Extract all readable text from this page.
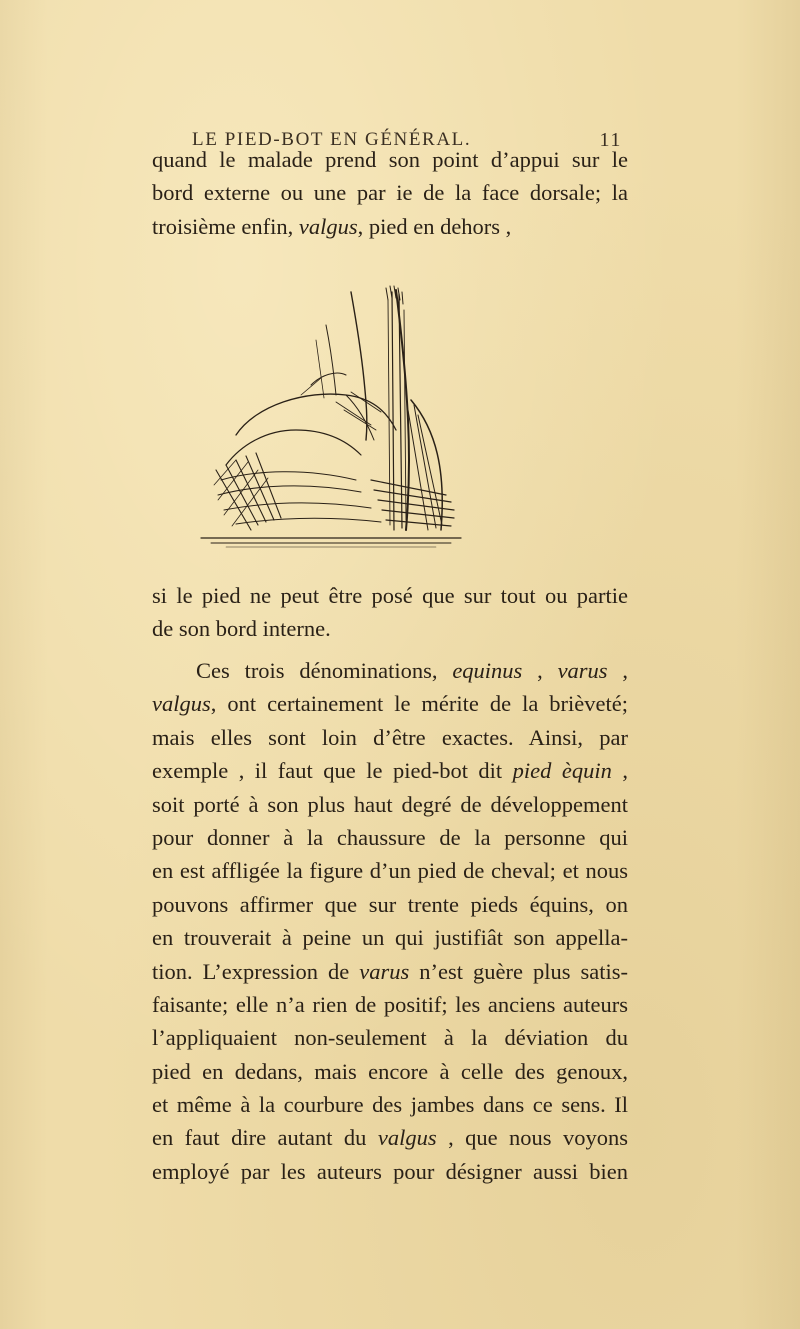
LE PIED-BOT EN GÉNÉRAL.	11
quand le malade prend son point d’appui sur le
bord externe ou une par ie de la face dorsale; la
troisième enfin, valgus, pied en dehors ,
si le pied ne peut être posé que sur tout ou partie
de son bord interne.
Ces trois dénominations, equinus , varus ,
valgus, ont certainement le mérite de la brièveté;
mais elles sont loin d’être exactes. Ainsi, par
exemple , il faut que le pied-bot dit pied èquin ,
soit porté à son plus haut degré de développement
pour donner à la chaussure de la personne qui
en est affligée la figure d’un pied de cheval; et nous
pouvons affirmer que sur trente pieds équins, on
en trouverait à peine un qui justifiât son appella-
tion. L’expression de varus n’est guère plus satis-
faisante; elle n’a rien de positif; les anciens auteurs
l’appliquaient non-seulement à la déviation du
pied en dedans, mais encore à celle des genoux,
et même à la courbure des jambes dans ce sens. Il
en faut dire autant du valgus , que nous voyons
employé par les auteurs pour désigner aussi bien
